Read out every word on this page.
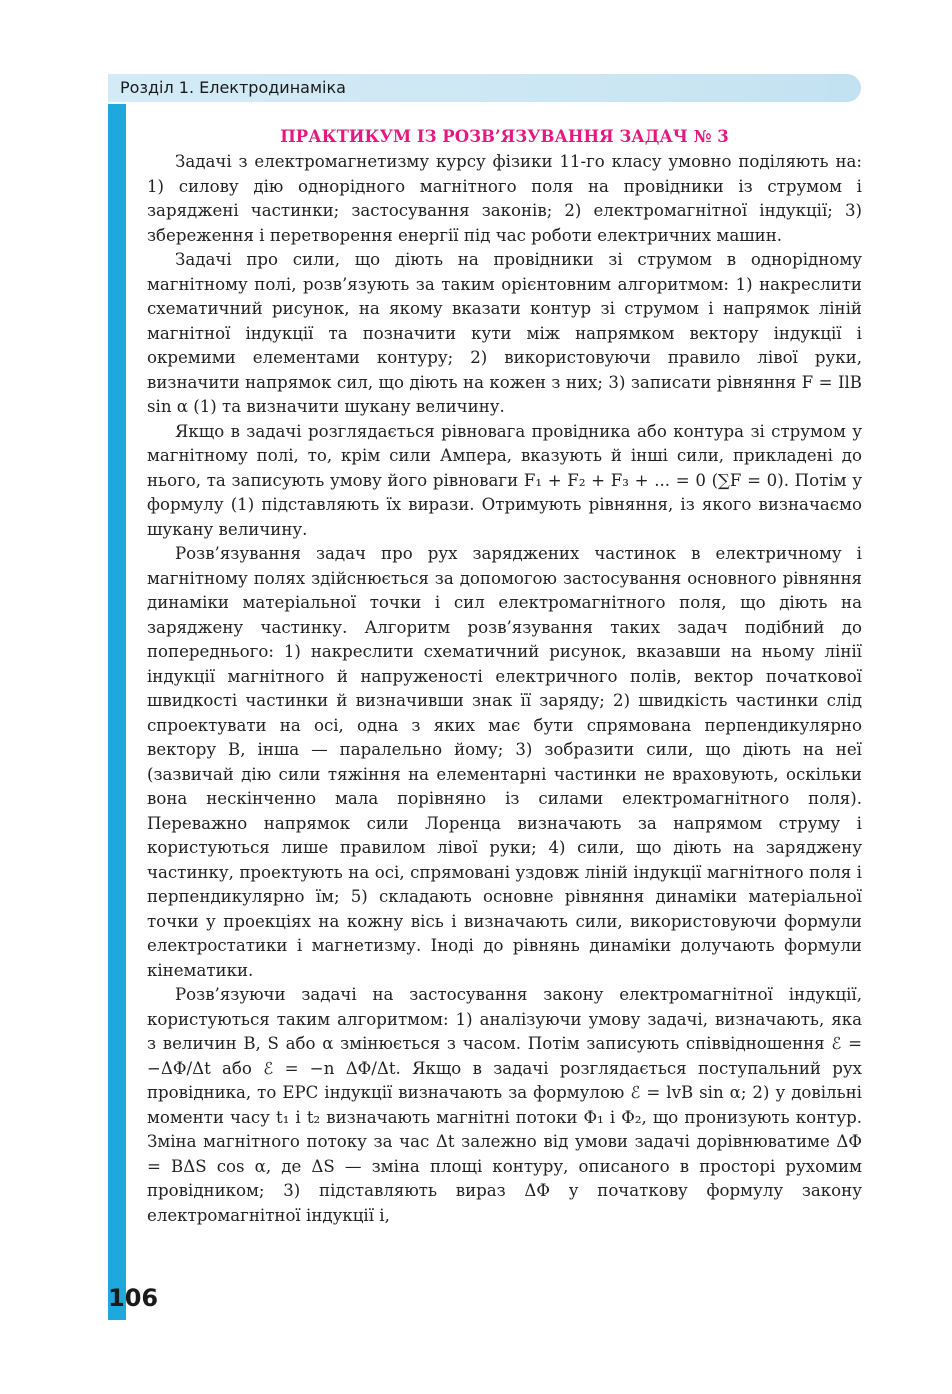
Розділ 1. Електродинаміка
ПРАКТИКУМ ІЗ РОЗВ’ЯЗУВАННЯ ЗАДАЧ № 3

Задачі з електромагнетизму курсу фізики 11-го класу умовно поділяють на: 1) силову дію однорідного магнітного поля на провідники із струмом і заряджені частинки; застосування законів; 2) електромагнітної індукції; 3) збереження і перетворення енергії під час роботи електричних машин.

Задачі про сили, що діють на провідники зі струмом в однорідному магнітному полі, розв’язують за таким орієнтовним алгоритмом: 1) накреслити схематичний рисунок, на якому вказати контур зі струмом і напрямок ліній магнітної індукції та позначити кути між напрямком вектору індукції і окремими елементами контуру; 2) використовуючи правило лівої руки, визначити напрямок сил, що діють на кожен з них; 3) записати рівняння F = IlB sin α (1) та визначити шукану величину.

Якщо в задачі розглядається рівновага провідника або контура зі струмом у магнітному полі, то, крім сили Ампера, вказують й інші сили, прикладені до нього, та записують умову його рівноваги F₁ + F₂ + F₃ + ... = 0 (∑F = 0). Потім у формулу (1) підставляють їх вирази. Отримують рівняння, із якого визначаємо шукану величину.

Розв’язування задач про рух заряджених частинок в електричному і магнітному полях здійснюється за допомогою застосування основного рівняння динаміки матеріальної точки і сил електромагнітного поля, що діють на заряджену частинку. Алгоритм розв’язування таких задач подібний до попереднього: 1) накреслити схематичний рисунок, вказавши на ньому лінії індукції магнітного й напруженості електричного полів, вектор початкової швидкості частинки й визначивши знак її заряду; 2) швидкість частинки слід спроектувати на осі, одна з яких має бути спрямована перпендикулярно вектору B, інша — паралельно йому; 3) зобразити сили, що діють на неї (зазвичай дію сили тяжіння на елементарні частинки не враховують, оскільки вона нескінченно мала порівняно із силами електромагнітного поля). Переважно напрямок сили Лоренца визначають за напрямом струму і користуються лише правилом лівої руки; 4) сили, що діють на заряджену частинку, проектують на осі, спрямовані уздовж ліній індукції магнітного поля і перпендикулярно їм; 5) складають основне рівняння динаміки матеріальної точки у проекціях на кожну вісь і визначають сили, використовуючи формули електростатики і магнетизму. Іноді до рівнянь динаміки долучають формули кінематики.

Розв’язуючи задачі на застосування закону електромагнітної індукції, користуються таким алгоритмом: 1) аналізуючи умову задачі, визначають, яка з величин B, S або α змінюється з часом. Потім записують співвідношення ℰ = −ΔΦ/Δt або ℰ = −n ΔΦ/Δt. Якщо в задачі розглядається поступальний рух провідника, то ЕРС індукції визначають за формулою ℰ = lvB sin α; 2) у довільні моменти часу t₁ і t₂ визначають магнітні потоки Φ₁ і Φ₂, що пронизують контур. Зміна магнітного потоку за час Δt залежно від умови задачі дорівнюватиме ΔΦ = BΔS cos α, де ΔS — зміна площі контуру, описаного в просторі рухомим провідником; 3) підставляють вираз ΔΦ у початкову формулу закону електромагнітної індукції і,

106
